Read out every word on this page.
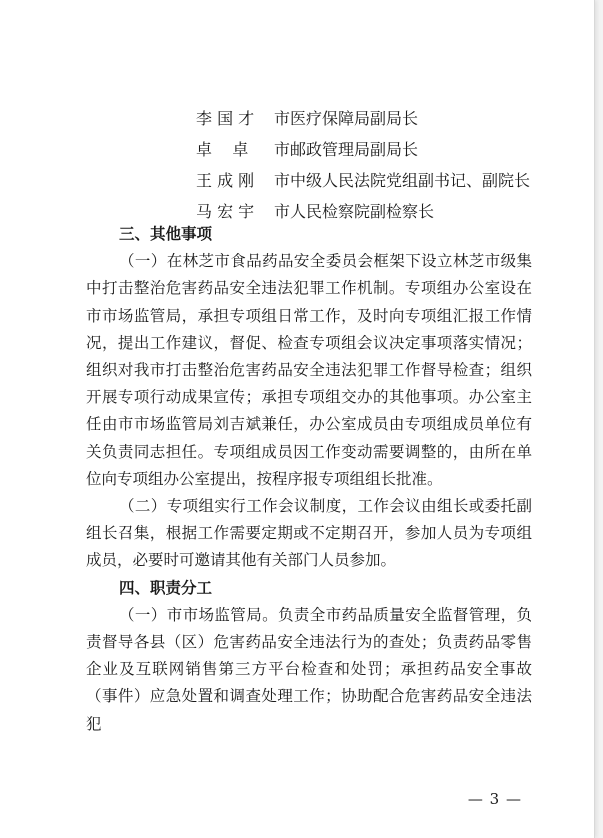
李 国 才 市医疗保障局副局长
卓    卓 市邮政管理局副局长
王 成 刚 市中级人民法院党组副书记、副院长
马 宏 宇 市人民检察院副检察长

三、其他事项

（一）在林芝市食品药品安全委员会框架下设立林芝市级集中打击整治危害药品安全违法犯罪工作机制。专项组办公室设在市市场监管局，承担专项组日常工作，及时向专项组汇报工作情况，提出工作建议，督促、检查专项组会议决定事项落实情况；组织对我市打击整治危害药品安全违法犯罪工作督导检查；组织开展专项行动成果宣传；承担专项组交办的其他事项。办公室主任由市市场监管局刘吉斌兼任，办公室成员由专项组成员单位有关负责同志担任。专项组成员因工作变动需要调整的，由所在单位向专项组办公室提出，按程序报专项组组长批准。

（二）专项组实行工作会议制度，工作会议由组长或委托副组长召集，根据工作需要定期或不定期召开，参加人员为专项组成员，必要时可邀请其他有关部门人员参加。

四、职责分工

（一）市市场监管局。负责全市药品质量安全监督管理，负责督导各县（区）危害药品安全违法行为的查处；负责药品零售企业及互联网销售第三方平台检查和处罚；承担药品安全事故（事件）应急处置和调查处理工作；协助配合危害药品安全违法犯

— 3 —
